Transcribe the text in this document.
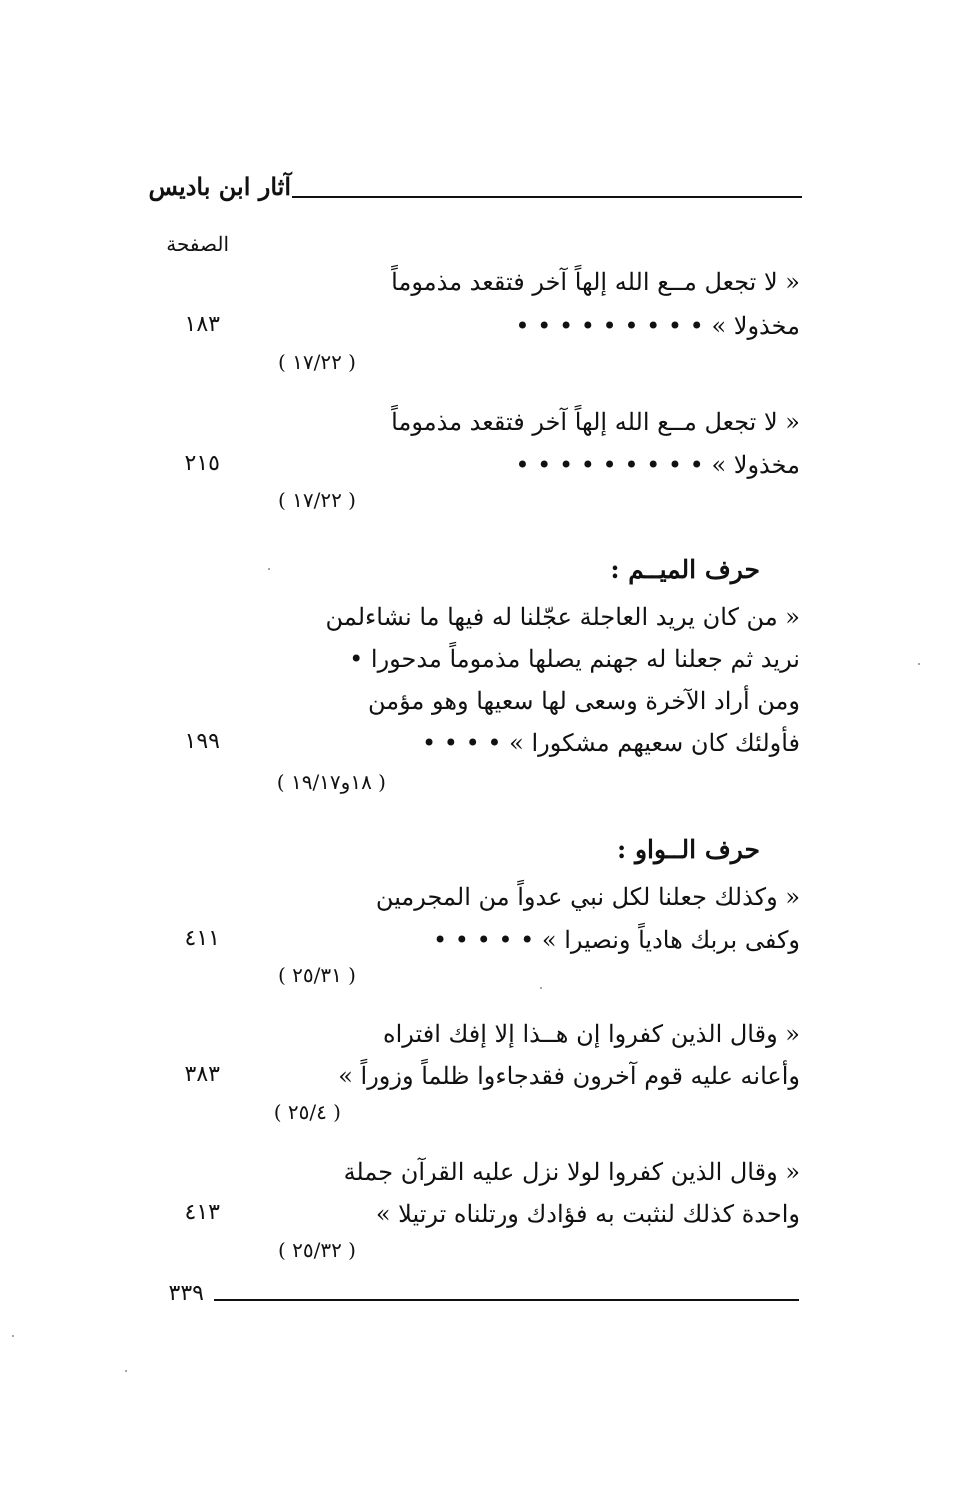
آثار ابن باديس
الصفحة
« لا تجعل مــع الله إلهاً آخر فتقعد مذموماً
مخذولا » • • • • • • • • •
١٨٣
( ١٧/٢٢ )
« لا تجعل مــع الله إلهاً آخر فتقعد مذموماً
مخذولا » • • • • • • • • •
٢١٥
( ١٧/٢٢ )
حرف الميــم :
« من كان يريد العاجلة عجّلنا له فيها ما نشاءلمن
نريد ثم جعلنا له جهنم يصلها مذموماً مدحورا •
ومن أراد الآخرة وسعى لها سعيها وهو مؤمن
فأولئك كان سعيهم مشكورا » • • • •
١٩٩
( ١٨و١٩/١٧ )
حرف الــواو :
« وكذلك جعلنا لكل نبي عدواً من المجرمين
وكفى بربك هادياً ونصيرا » • • • • •
٤١١
( ٢٥/٣١ )
« وقال الذين كفروا إن هــذا إلا إفك افتراه
وأعانه عليه قوم آخرون فقدجاءوا ظلماً وزوراً »
٣٨٣
( ٢٥/٤ )
« وقال الذين كفروا لولا نزل عليه القرآن جملة
واحدة كذلك لنثبت به فؤادك ورتلناه ترتيلا »
٤١٣
( ٢٥/٣٢ )
٣٣٩
